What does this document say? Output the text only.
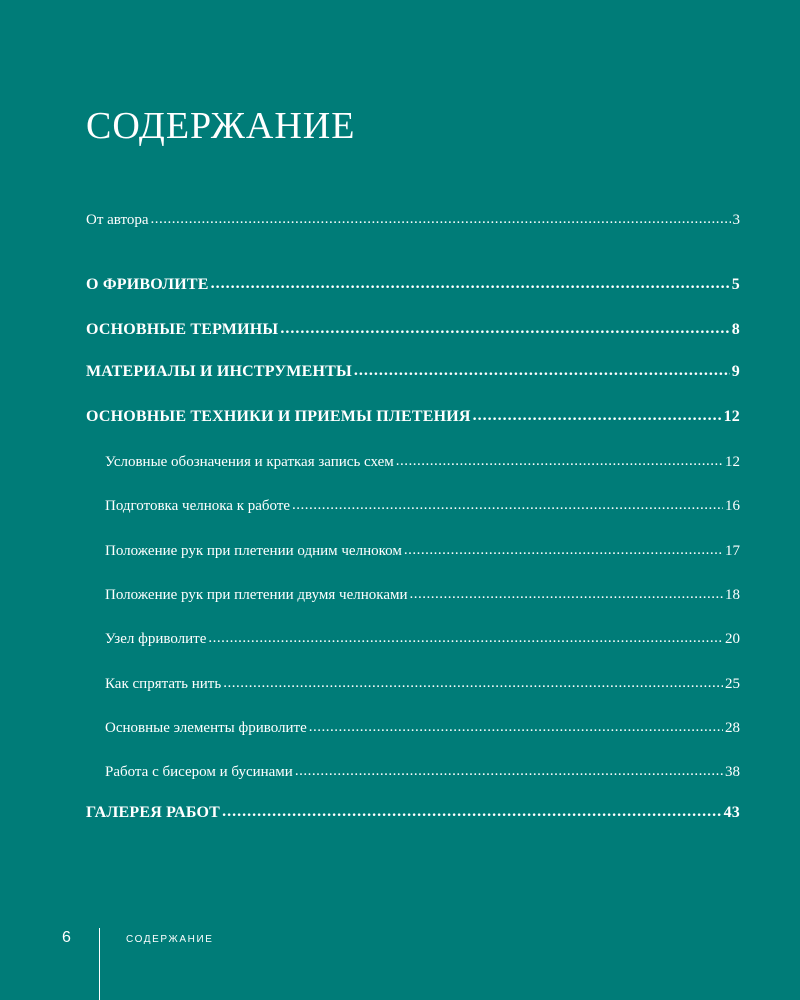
СОДЕРЖАНИЕ
От автора .....	3
О ФРИВОЛИТЕ .....	5
ОСНОВНЫЕ ТЕРМИНЫ .....	8
МАТЕРИАЛЫ И ИНСТРУМЕНТЫ .....	9
ОСНОВНЫЕ ТЕХНИКИ И ПРИЕМЫ ПЛЕТЕНИЯ .....	12
Условные обозначения и краткая запись схем .....	12
Подготовка челнока к работе .....	16
Положение рук при плетении одним челноком .....	17
Положение рук при плетении двумя челноками .....	18
Узел фриволите .....	20
Как спрятать нить .....	25
Основные элементы фриволите .....	28
Работа с бисером и бусинами .....	38
ГАЛЕРЕЯ РАБОТ .....	43
6	СОДЕРЖАНИЕ
